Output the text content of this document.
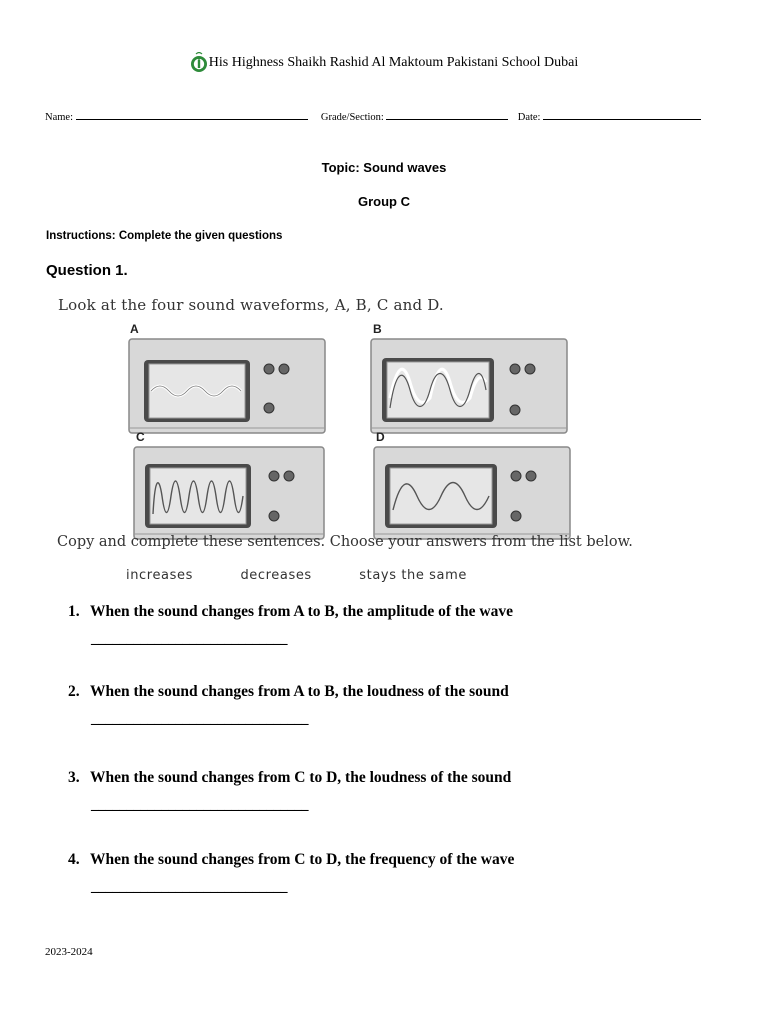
His Highness Shaikh Rashid Al Maktoum Pakistani School Dubai
Name:	Grade/Section:	Date:
Topic: Sound waves
Group C
Instructions: Complete the given questions
Question 1.
Look at the four sound waveforms, A, B, C and D.
A	B
C	D
Copy and complete these sentences. Choose your answers from the list below.
increases	decreases	stays the same
1. When the sound changes from A to B, the amplitude of the wave
____________________________
2. When the sound changes from A to B, the loudness of the sound
_______________________________
3. When the sound changes from C to D, the loudness of the sound
_______________________________
4. When the sound changes from C to D, the frequency of the wave
____________________________
2023-2024
